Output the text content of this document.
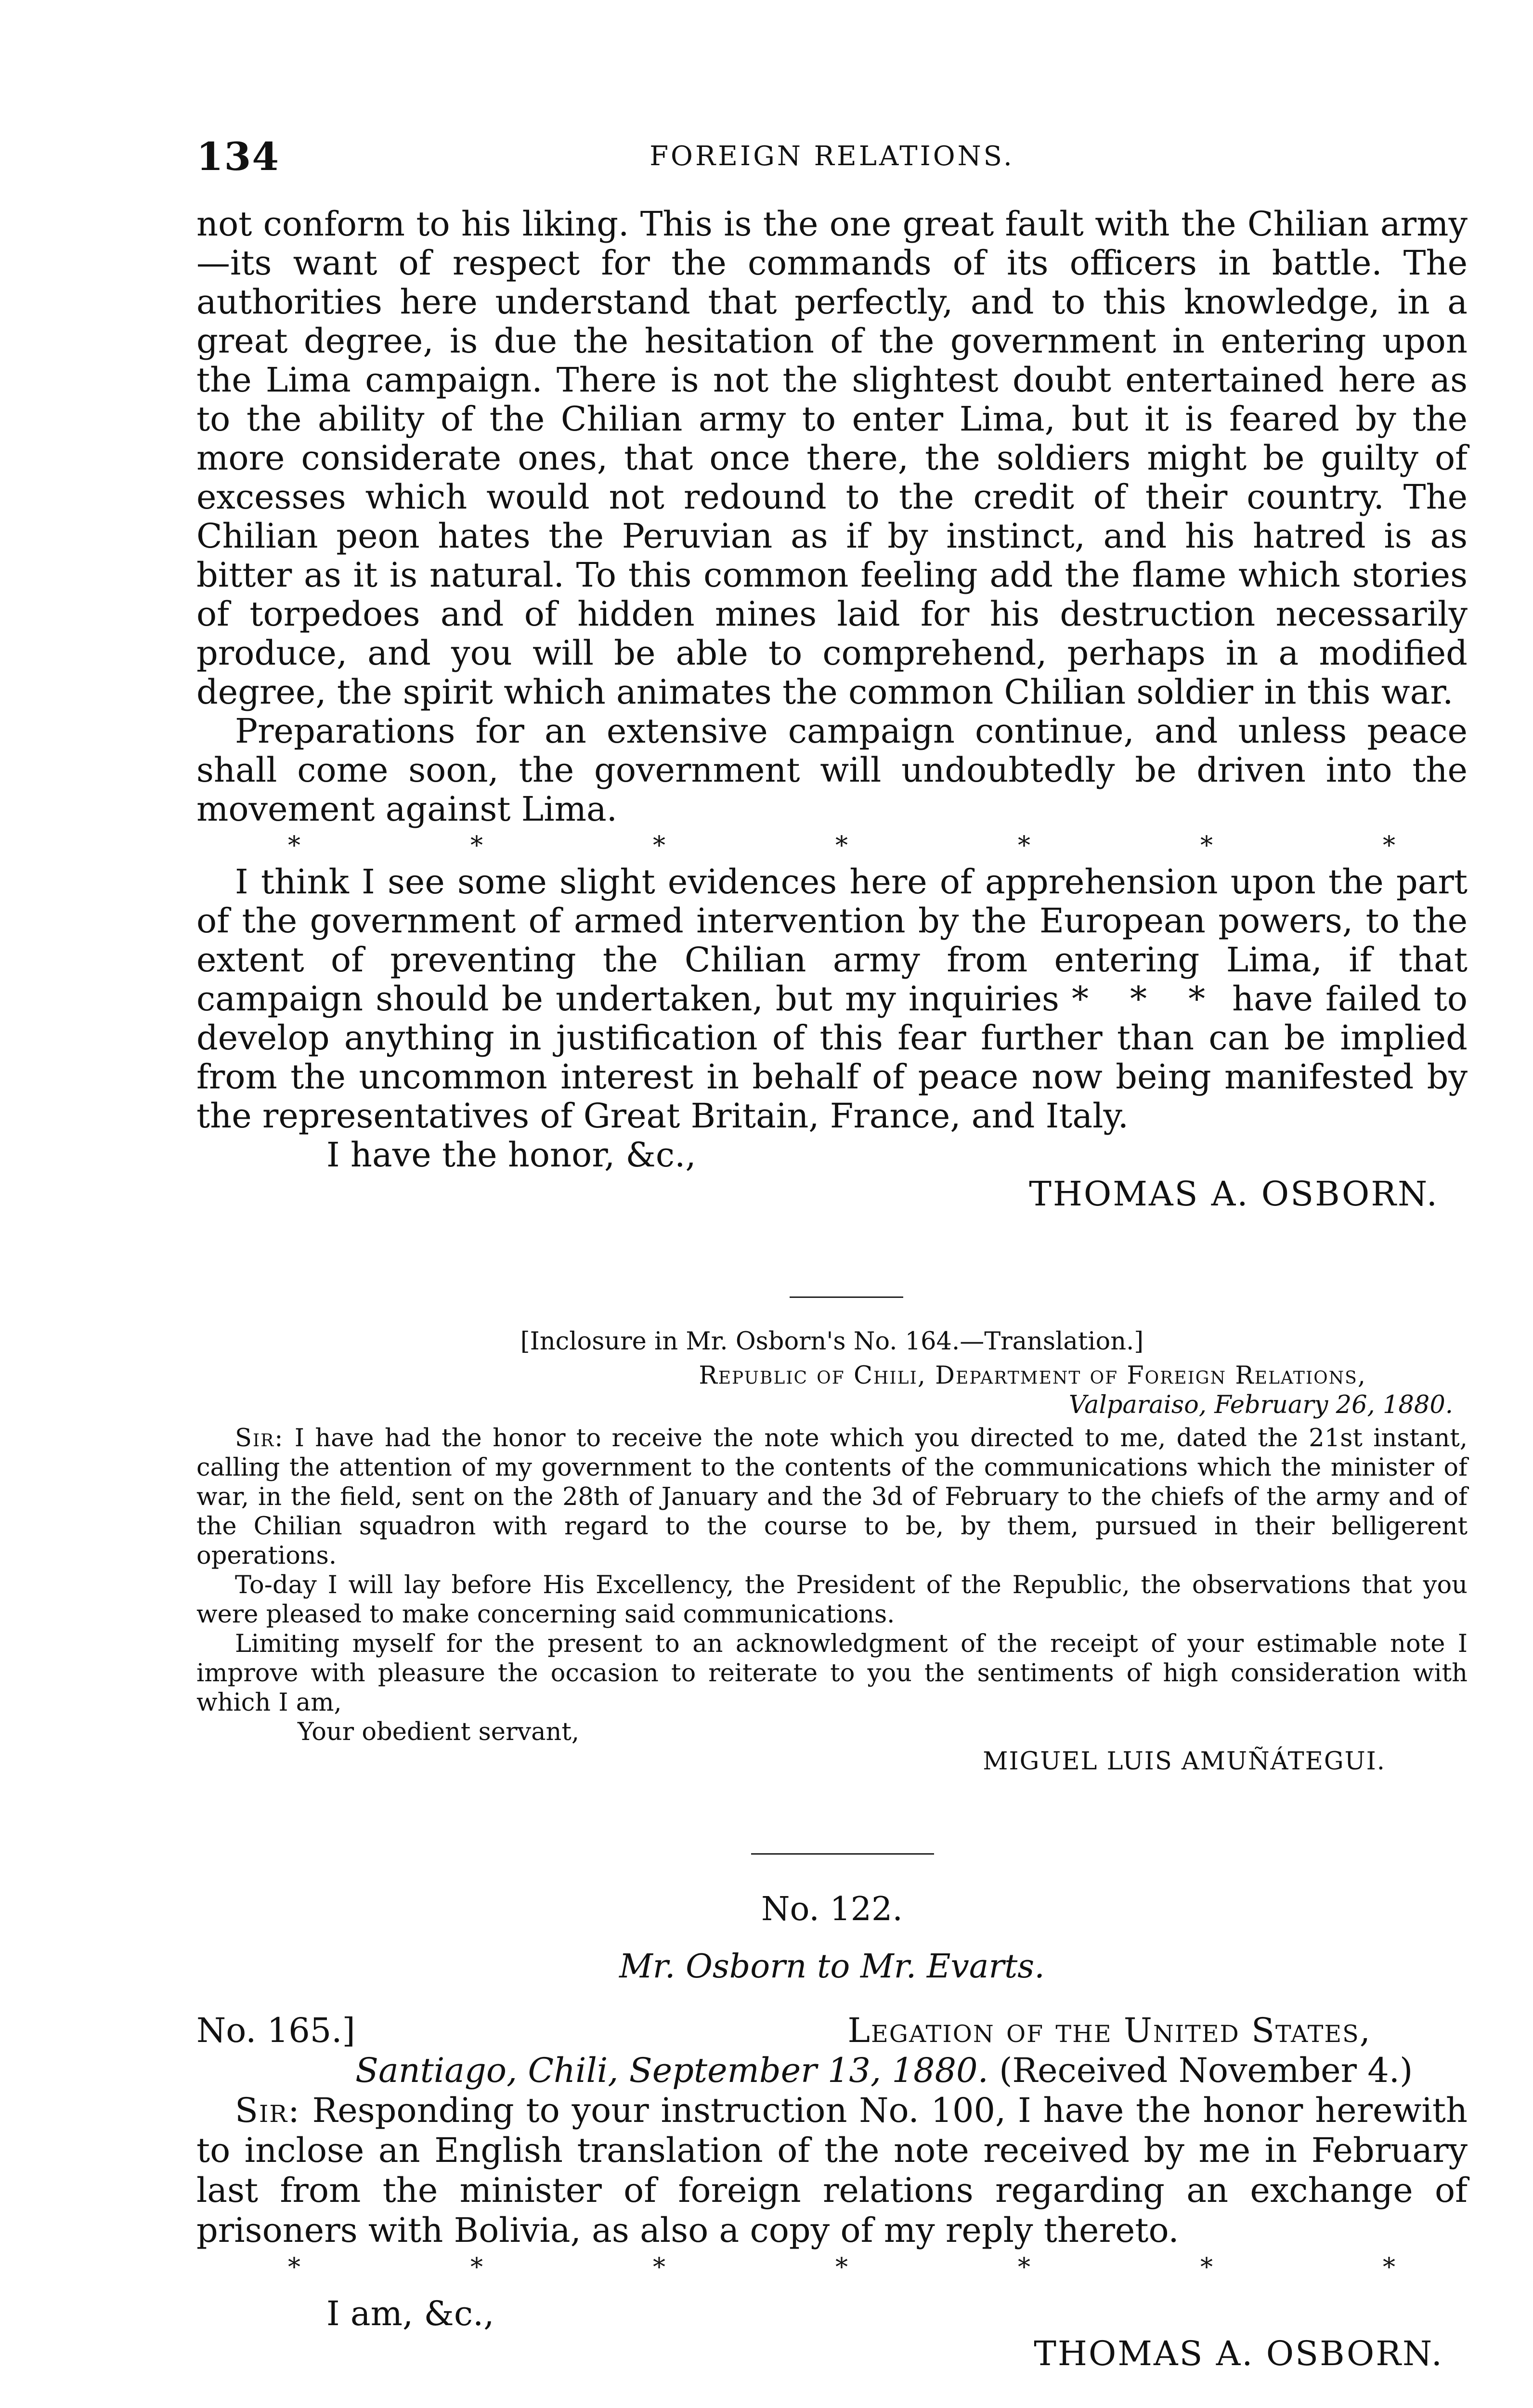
134	FOREIGN RELATIONS.

not conform to his liking. This is the one great fault with the Chilian army—its want of respect for the commands of its officers in battle. The authorities here understand that perfectly, and to this knowledge, in a great degree, is due the hesitation of the government in entering upon the Lima campaign. There is not the slightest doubt entertained here as to the ability of the Chilian army to enter Lima, but it is feared by the more considerate ones, that once there, the soldiers might be guilty of excesses which would not redound to the credit of their country. The Chilian peon hates the Peruvian as if by instinct, and his hatred is as bitter as it is natural. To this common feeling add the flame which stories of torpedoes and of hidden mines laid for his destruction necessarily produce, and you will be able to comprehend, perhaps in a modified degree, the spirit which animates the common Chilian soldier in this war.

Preparations for an extensive campaign continue, and unless peace shall come soon, the government will undoubtedly be driven into the movement against Lima.

*	*	*	*	*	*	*

I think I see some slight evidences here of apprehension upon the part of the government of armed intervention by the European powers, to the extent of preventing the Chilian army from entering Lima, if that campaign should be undertaken, but my inquiries * * * have failed to develop anything in justification of this fear further than can be implied from the uncommon interest in behalf of peace now being manifested by the representatives of Great Britain, France, and Italy.

I have the honor, &c.,

THOMAS A. OSBORN.

[Inclosure in Mr. Osborn's No. 164.—Translation.]

Republic of Chili, Department of Foreign Relations,

Valparaiso, February 26, 1880.

Sir: I have had the honor to receive the note which you directed to me, dated the 21st instant, calling the attention of my government to the contents of the communications which the minister of war, in the field, sent on the 28th of January and the 3d of February to the chiefs of the army and of the Chilian squadron with regard to the course to be, by them, pursued in their belligerent operations.

To-day I will lay before His Excellency, the President of the Republic, the observations that you were pleased to make concerning said communications.

Limiting myself for the present to an acknowledgment of the receipt of your estimable note I improve with pleasure the occasion to reiterate to you the sentiments of high consideration with which I am,

Your obedient servant,

MIGUEL LUIS AMUÑÁTEGUI.

No. 122.

Mr. Osborn to Mr. Evarts.

No. 165.]	Legation of the United States,

Santiago, Chili, September 13, 1880. (Received November 4.)

Sir: Responding to your instruction No. 100, I have the honor herewith to inclose an English translation of the note received by me in February last from the minister of foreign relations regarding an exchange of prisoners with Bolivia, as also a copy of my reply thereto.

*	*	*	*	*	*	*

I am, &c.,

THOMAS A. OSBORN.
